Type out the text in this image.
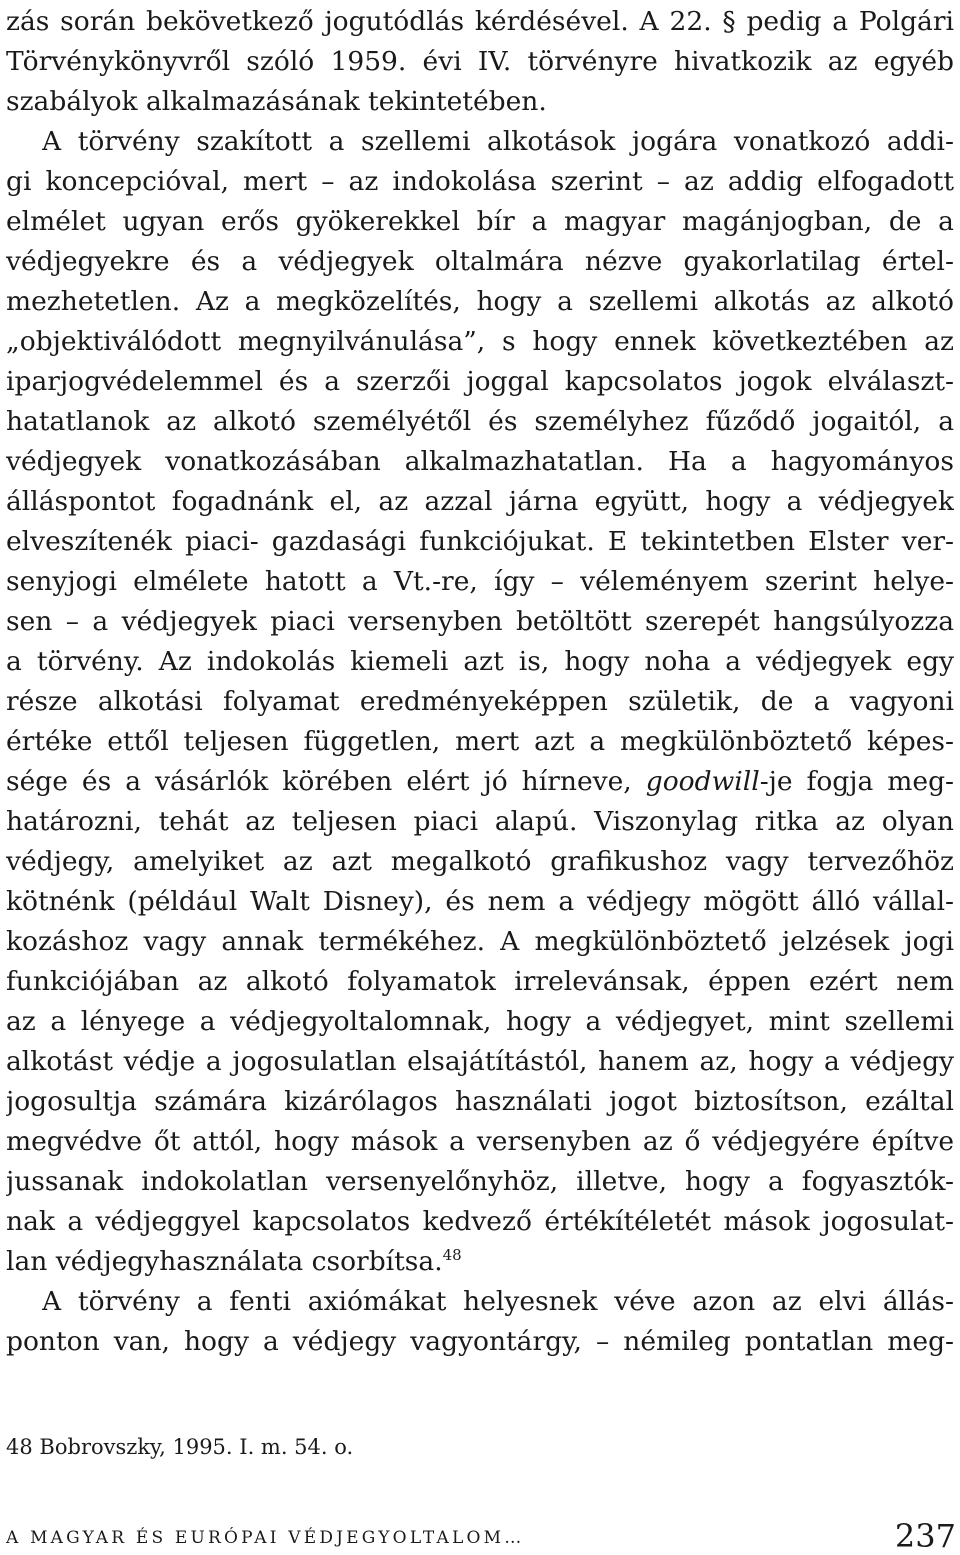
zás során bekövetkező jogutódlás kérdésével. A 22. § pedig a Polgári
Törvénykönyvről szóló 1959. évi IV. törvényre hivatkozik az egyéb
szabályok alkalmazásának tekintetében.
A törvény szakított a szellemi alkotások jogára vonatkozó addi-
gi koncepcióval, mert – az indokolása szerint – az addig elfogadott
elmélet ugyan erős gyökerekkel bír a magyar magánjogban, de a
védjegyekre és a védjegyek oltalmára nézve gyakorlatilag értel-
mezhetetlen. Az a megközelítés, hogy a szellemi alkotás az alkotó
„objektiválódott megnyilvánulása”, s hogy ennek következtében az
iparjogvédelemmel és a szerzői joggal kapcsolatos jogok elválaszt-
hatatlanok az alkotó személyétől és személyhez fűződő jogaitól, a
védjegyek vonatkozásában alkalmazhatatlan. Ha a hagyományos
álláspontot fogadnánk el, az azzal járna együtt, hogy a védjegyek
elveszítenék piaci- gazdasági funkciójukat. E tekintetben Elster ver-
senyjogi elmélete hatott a Vt.-re, így – véleményem szerint helye-
sen – a védjegyek piaci versenyben betöltött szerepét hangsúlyozza
a törvény. Az indokolás kiemeli azt is, hogy noha a védjegyek egy
része alkotási folyamat eredményeképpen születik, de a vagyoni
értéke ettől teljesen független, mert azt a megkülönböztető képes-
sége és a vásárlók körében elért jó hírneve, goodwill-je fogja meg-
határozni, tehát az teljesen piaci alapú. Viszonylag ritka az olyan
védjegy, amelyiket az azt megalkotó grafikushoz vagy tervezőhöz
kötnénk (például Walt Disney), és nem a védjegy mögött álló vállal-
kozáshoz vagy annak termékéhez. A megkülönböztető jelzések jogi
funkciójában az alkotó folyamatok irrelevánsak, éppen ezért nem
az a lényege a védjegyoltalomnak, hogy a védjegyet, mint szellemi
alkotást védje a jogosulatlan elsajátítástól, hanem az, hogy a védjegy
jogosultja számára kizárólagos használati jogot biztosítson, ezáltal
megvédve őt attól, hogy mások a versenyben az ő védjegyére építve
jussanak indokolatlan versenyelőnyhöz, illetve, hogy a fogyasztók-
nak a védjeggyel kapcsolatos kedvező értékítéletét mások jogosulat-
lan védjegyhasználata csorbítsa.$^{48}$
A törvény a fenti axiómákat helyesnek véve azon az elvi állás-
ponton van, hogy a védjegy vagyontárgy, – némileg pontatlan meg-
48 Bobrovszky, 1995. I. m. 54. o.
A MAGYAR ÉS EURÓPAI VÉDJEGYOLTALOM…	237
